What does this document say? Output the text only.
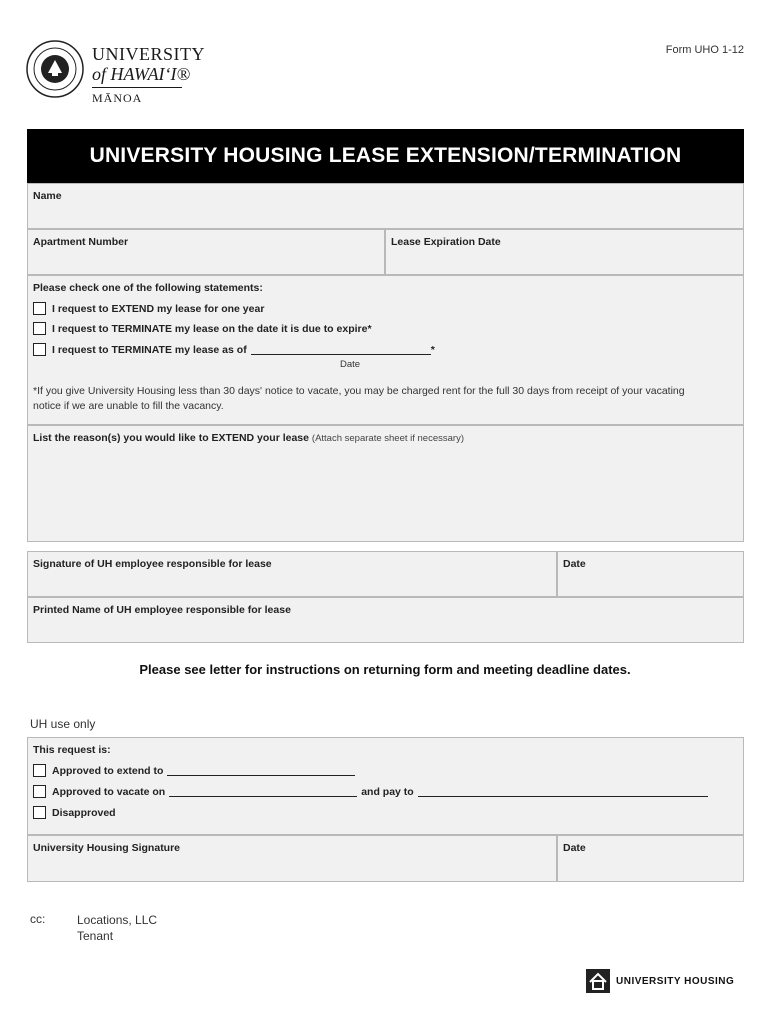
UNIVERSITY
of HAWAIʻI®
MĀNOA
Form UHO 1-12
UNIVERSITY HOUSING LEASE EXTENSION/TERMINATION
Name
Apartment Number	Lease Expiration Date
Please check one of the following statements:
I request to EXTEND my lease for one year
I request to TERMINATE my lease on the date it is due to expire*
I request to TERMINATE my lease as of	*
Date
*If you give University Housing less than 30 days' notice to vacate, you may be charged rent for the full 30 days from receipt of your vacating notice if we are unable to fill the vacancy.
List the reason(s) you would like to EXTEND your lease (Attach separate sheet if necessary)
Signature of UH employee responsible for lease	Date
Printed Name of UH employee responsible for lease
Please see letter for instructions on returning form and meeting deadline dates.
UH use only
This request is:
Approved to extend to
Approved to vacate on	and pay to
Disapproved
University Housing Signature	Date
cc:	Locations, LLC
Tenant
UNIVERSITY HOUSING
